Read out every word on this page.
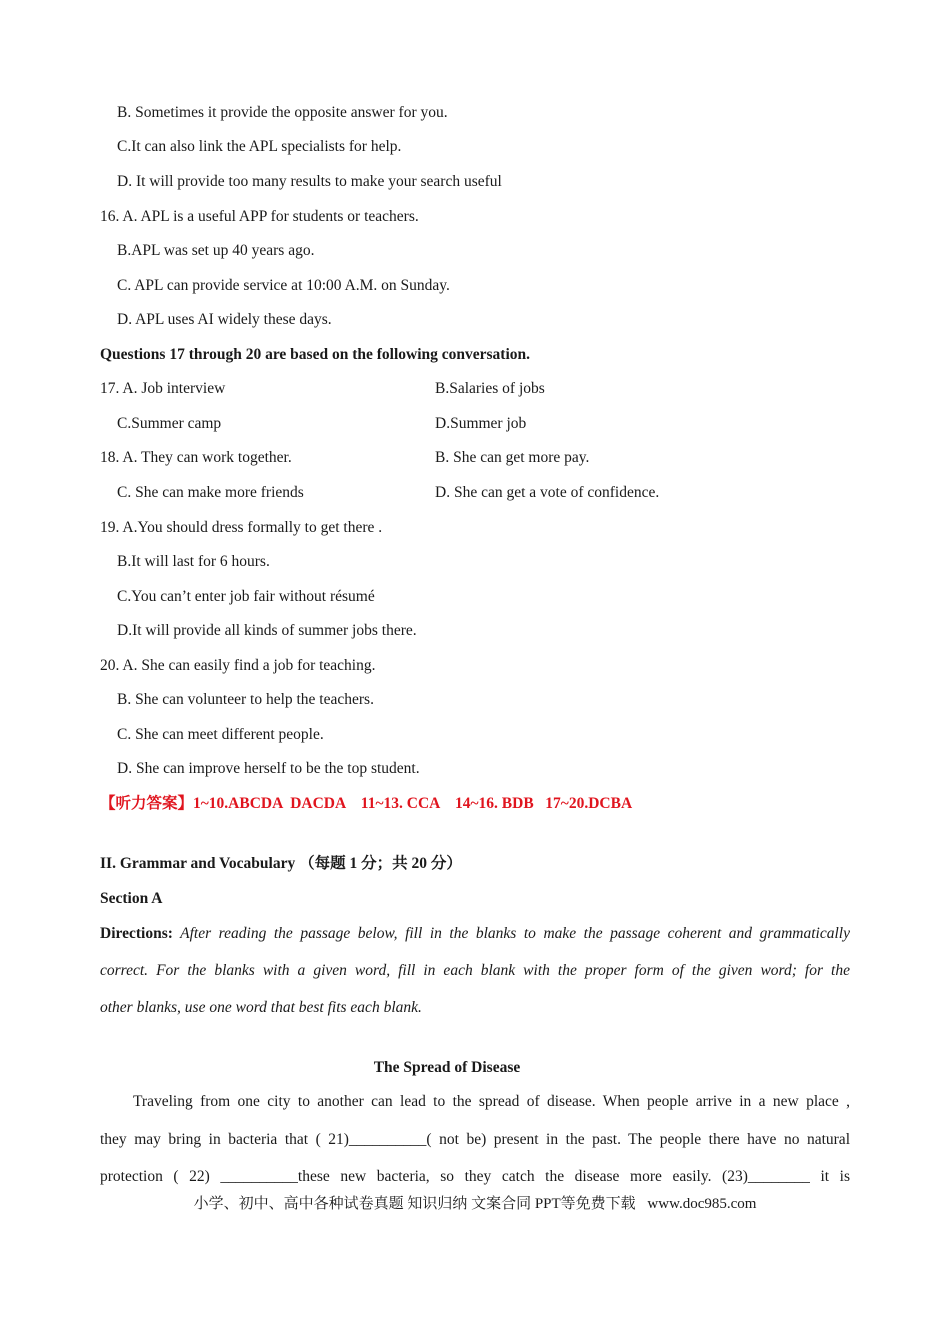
B. Sometimes it provide the opposite answer for you.
C.It can also link the APL specialists for help.
D. It will provide too many results to make your search useful
16. A. APL is a useful APP for students or teachers.
B.APL was set up 40 years ago.
C. APL can provide service at 10:00 A.M. on Sunday.
D. APL uses AI widely these days.
Questions 17 through 20 are based on the following conversation.
17. A. Job interview	B.Salaries of jobs
C.Summer camp	D.Summer job
18. A. They can work together.	B. She can get more pay.
C. She can make more friends	D. She can get a vote of confidence.
19. A.You should dress formally to get there .
B.It will last for 6 hours.
C.You can’t enter job fair without résumé
D.It will provide all kinds of summer jobs there.
20. A. She can easily find a job for teaching.
B. She can volunteer to help the teachers.
C. She can meet different people.
D. She can improve herself to be the top student.
【听力答案】1~10.ABCDA  DACDA    11~13. CCA    14~16. BDB   17~20.DCBA
II. Grammar and Vocabulary （每题 1 分；共 20 分）
Section A
Directions: After reading the passage below, fill in the blanks to make the passage coherent and grammatically
correct. For the blanks with a given word, fill in each blank with the proper form of the given word; for the
other blanks, use one word that best fits each blank.
The Spread of Disease
Traveling from one city to another can lead to the spread of disease. When people arrive in a new place ,
they may bring in bacteria that ( 21)__________( not be) present in the past. The people there have no natural
protection ( 22) __________these new bacteria, so they catch the disease more easily. (23)________ it is
小学、初中、高中各种试卷真题 知识归纳 文案合同 PPT等免费下载 www.doc985.com
